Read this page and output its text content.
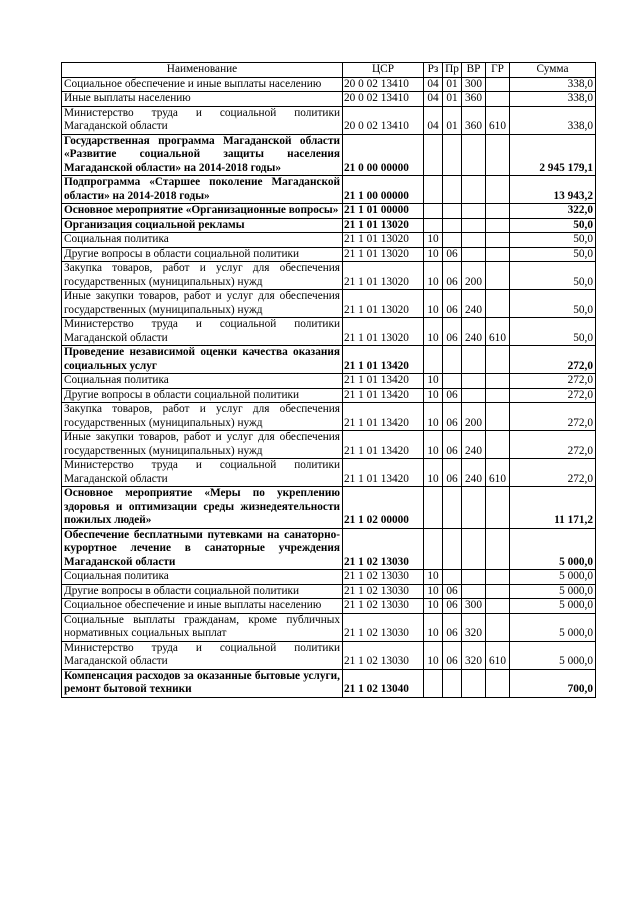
Наименование	ЦСР	Рз	Пр	ВР	ГР	Сумма
Социальное обеспечение и иные выплаты населению	20 0 02 13410	04	01	300		338,0
Иные выплаты населению	20 0 02 13410	04	01	360		338,0
Министерство труда и социальной политики Магаданской области	20 0 02 13410	04	01	360	610	338,0
Государственная программа Магаданской области «Развитие социальной защиты населения Магаданской области» на 2014-2018 годы»	21 0 00 00000					2 945 179,1
Подпрограмма «Старшее поколение Магаданской области» на 2014-2018 годы»	21 1 00 00000					13 943,2
Основное мероприятие «Организационные вопросы»	21 1 01 00000					322,0
Организация социальной рекламы	21 1 01 13020					50,0
Социальная политика	21 1 01 13020	10				50,0
Другие вопросы в области социальной политики	21 1 01 13020	10	06			50,0
Закупка товаров, работ и услуг для обеспечения государственных (муниципальных) нужд	21 1 01 13020	10	06	200		50,0
Иные закупки товаров, работ и услуг для обеспечения государственных (муниципальных) нужд	21 1 01 13020	10	06	240		50,0
Министерство труда и социальной политики Магаданской области	21 1 01 13020	10	06	240	610	50,0
Проведение независимой оценки качества оказания социальных услуг	21 1 01 13420					272,0
Социальная политика	21 1 01 13420	10				272,0
Другие вопросы в области социальной политики	21 1 01 13420	10	06			272,0
Закупка товаров, работ и услуг для обеспечения государственных (муниципальных) нужд	21 1 01 13420	10	06	200		272,0
Иные закупки товаров, работ и услуг для обеспечения государственных (муниципальных) нужд	21 1 01 13420	10	06	240		272,0
Министерство труда и социальной политики Магаданской области	21 1 01 13420	10	06	240	610	272,0
Основное мероприятие «Меры по укреплению здоровья и оптимизации среды жизнедеятельности пожилых людей»	21 1 02 00000					11 171,2
Обеспечение бесплатными путевками на санаторно-курортное лечение в санаторные учреждения Магаданской области	21 1 02 13030					5 000,0
Социальная политика	21 1 02 13030	10				5 000,0
Другие вопросы в области социальной политики	21 1 02 13030	10	06			5 000,0
Социальное обеспечение и иные выплаты населению	21 1 02 13030	10	06	300		5 000,0
Социальные выплаты гражданам, кроме публичных нормативных социальных выплат	21 1 02 13030	10	06	320		5 000,0
Министерство труда и социальной политики Магаданской области	21 1 02 13030	10	06	320	610	5 000,0
Компенсация расходов за оказанные бытовые услуги, ремонт бытовой техники	21 1 02 13040					700,0
